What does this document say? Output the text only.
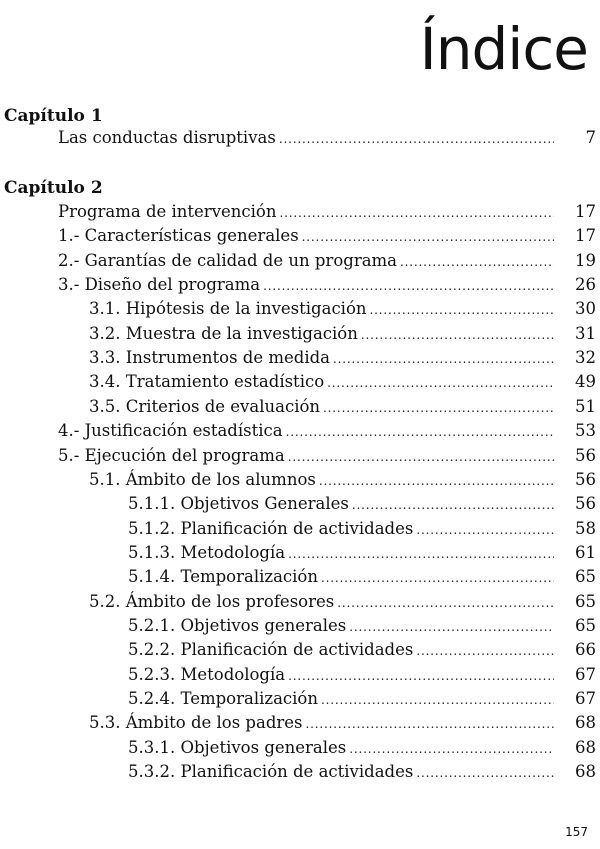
Índice
Capítulo 1
Las conductas disruptivas . . .	7
Capítulo 2
Programa de intervención . . .	17
1.- Características generales . . .	17
2.- Garantías de calidad de un programa . . .	19
3.- Diseño del programa . . .	26
3.1. Hipótesis de la investigación . . .	30
3.2. Muestra de la investigación . . .	31
3.3. Instrumentos de medida . . .	32
3.4. Tratamiento estadístico . . .	49
3.5. Criterios de evaluación . . .	51
4.- Justificación estadística . . .	53
5.- Ejecución del programa . . .	56
5.1. Ámbito de los alumnos . . .	56
5.1.1. Objetivos Generales . . .	56
5.1.2. Planificación de actividades . . .	58
5.1.3. Metodología . . .	61
5.1.4. Temporalización . . .	65
5.2. Ámbito de los profesores . . .	65
5.2.1. Objetivos generales . . .	65
5.2.2. Planificación de actividades . . .	66
5.2.3. Metodología . . .	67
5.2.4. Temporalización . . .	67
5.3. Ámbito de los padres . . .	68
5.3.1. Objetivos generales . . .	68
5.3.2. Planificación de actividades . . .	68
157
